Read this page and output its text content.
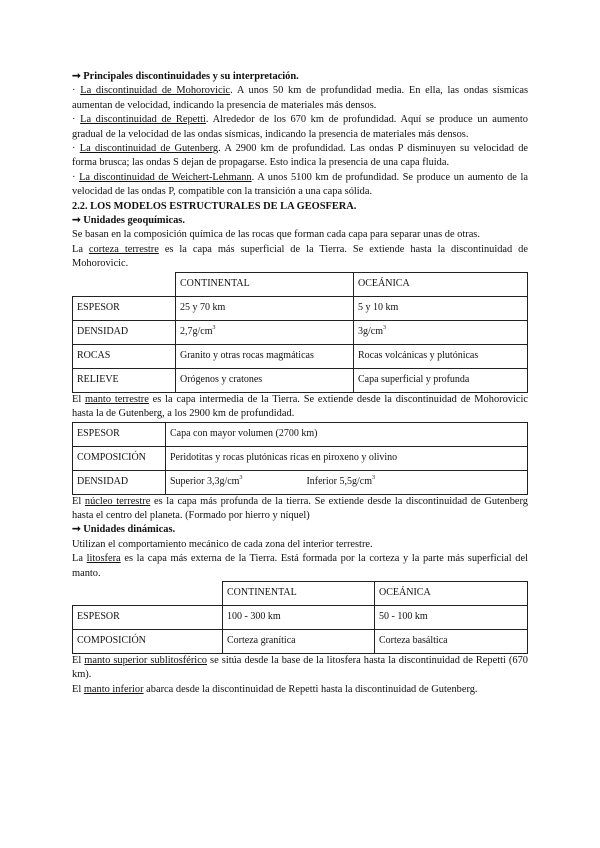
➞ Principales discontinuidades y su interpretación.

· La discontinuidad de Mohorovicic. A unos 50 km de profundidad media. En ella, las ondas sísmicas aumentan de velocidad, indicando la presencia de materiales más densos.

· La discontinuidad de Repetti. Alrededor de los 670 km de profundidad. Aquí se produce un aumento gradual de la velocidad de las ondas sísmicas, indicando la presencia de materiales más densos.

· La discontinuidad de Gutenberg. A 2900 km de profundidad. Las ondas P disminuyen su velocidad de forma brusca; las ondas S dejan de propagarse. Esto indica la presencia de una capa fluida.

· La discontinuidad de Weichert-Lehmann. A unos 5100 km de profundidad. Se produce un aumento de la velocidad de las ondas P, compatible con la transición a una capa sólida.

2.2. LOS MODELOS ESTRUCTURALES DE LA GEOSFERA.

➞ Unidades geoquímicas.

Se basan en la composición química de las rocas que forman cada capa para separar unas de otras.

La corteza terrestre es la capa más superficial de la Tierra. Se extiende hasta la discontinuidad de Mohorovicic.

	CONTINENTAL	OCEÁNICA
ESPESOR	25 y 70 km	5 y 10 km
DENSIDAD	$2,7g/cm^3$	$3g/cm^3$
ROCAS	Granito y otras rocas magmáticas	Rocas volcánicas y plutónicas
RELIEVE	Orógenos y cratones	Capa superficial y profunda

El manto terrestre es la capa intermedia de la Tierra. Se extiende desde la discontinuidad de Mohorovicic hasta la de Gutenberg, a los 2900 km de profundidad.

ESPESOR	Capa con mayor volumen (2700 km)
COMPOSICIÓN	Peridotitas y rocas plutónicas ricas en piroxeno y olivino
DENSIDAD	Superior $3,3g/cm^3$ Inferior $5,5g/cm^3$

El núcleo terrestre es la capa más profunda de la tierra. Se extiende desde la discontinuidad de Gutenberg hasta el centro del planeta. (Formado por hierro y níquel)

➞ Unidades dinámicas.

Utilizan el comportamiento mecánico de cada zona del interior terrestre.

La litosfera es la capa más externa de la Tierra. Está formada por la corteza y la parte más superficial del manto.

	CONTINENTAL	OCEÁNICA
ESPESOR	100 - 300 km	50 - 100 km
COMPOSICIÓN	Corteza granítica	Corteza basáltica

El manto superior sublitosférico se sitúa desde la base de la litosfera hasta la discontinuidad de Repetti (670 km).

El manto inferior abarca desde la discontinuidad de Repetti hasta la discontinuidad de Gutenberg.
